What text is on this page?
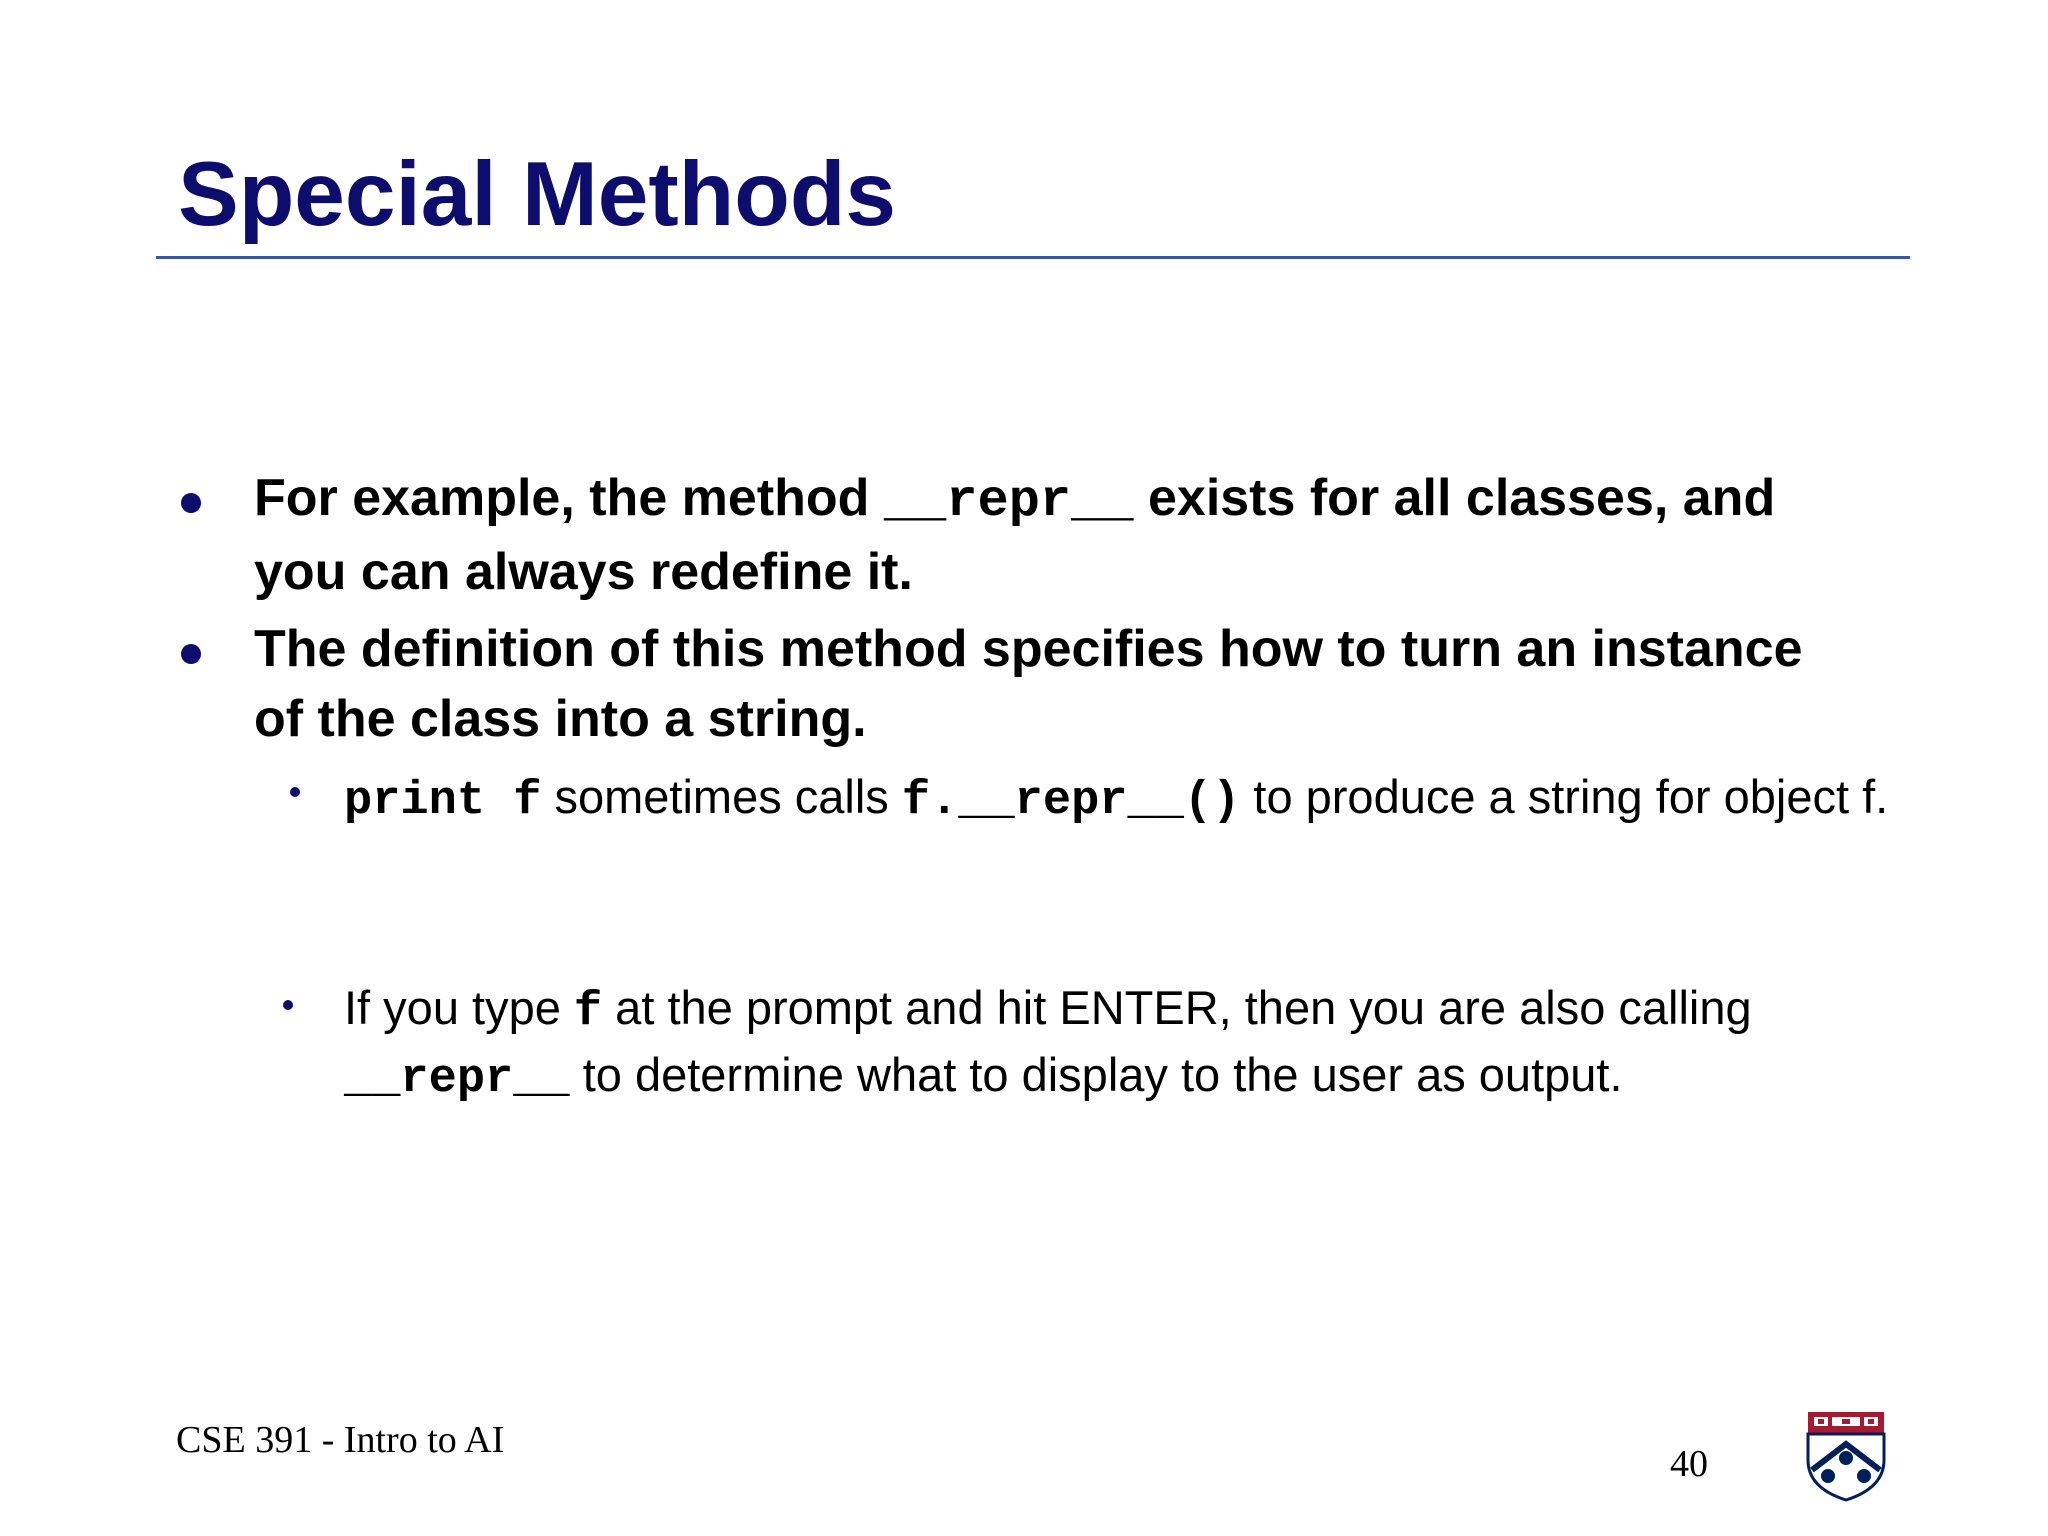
Special Methods

For example, the method __repr__ exists for all classes, and you can always redefine it.

The definition of this method specifies how to turn an instance of the class into a string.

print f sometimes calls f.__repr__() to produce a string for object f.

If you type f at the prompt and hit ENTER, then you are also calling __repr__ to determine what to display to the user as output.

CSE 391 - Intro to AI
40
